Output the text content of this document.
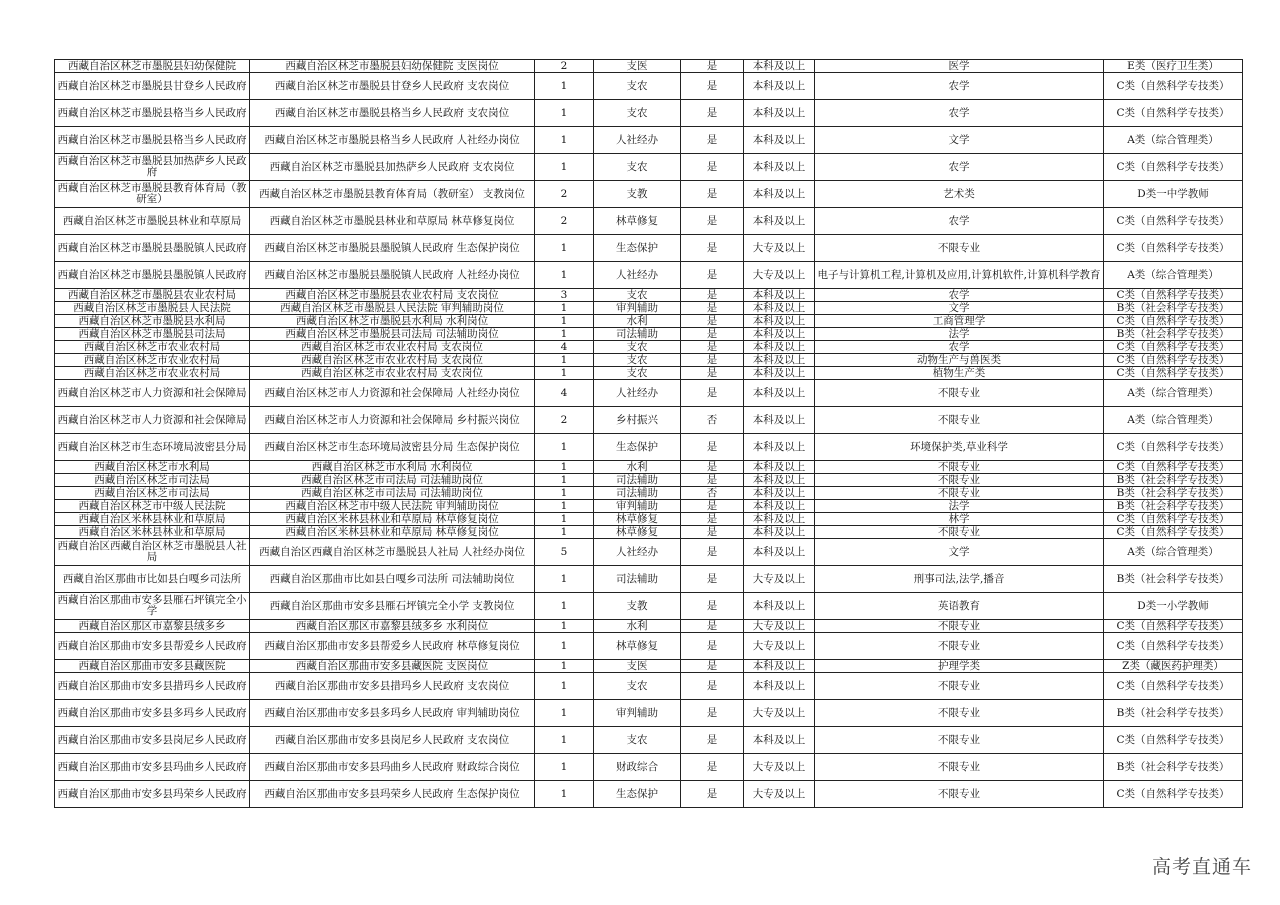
西藏自治区林芝市墨脱县妇幼保健院	西藏自治区林芝市墨脱县妇幼保健院 支医岗位	2	支医	是	本科及以上	医学	E类（医疗卫生类）
西藏自治区林芝市墨脱县甘登乡人民政府	西藏自治区林芝市墨脱县甘登乡人民政府 支农岗位	1	支农	是	本科及以上	农学	C类（自然科学专技类）
西藏自治区林芝市墨脱县格当乡人民政府	西藏自治区林芝市墨脱县格当乡人民政府 支农岗位	1	支农	是	本科及以上	农学	C类（自然科学专技类）
西藏自治区林芝市墨脱县格当乡人民政府	西藏自治区林芝市墨脱县格当乡人民政府 人社经办岗位	1	人社经办	是	本科及以上	文学	A类（综合管理类）
西藏自治区林芝市墨脱县加热萨乡人民政府	西藏自治区林芝市墨脱县加热萨乡人民政府 支农岗位	1	支农	是	本科及以上	农学	C类（自然科学专技类）
西藏自治区林芝市墨脱县教育体育局（教研室）	西藏自治区林芝市墨脱县教育体育局（教研室） 支教岗位	2	支教	是	本科及以上	艺术类	D类一中学教师
西藏自治区林芝市墨脱县林业和草原局	西藏自治区林芝市墨脱县林业和草原局 林草修复岗位	2	林草修复	是	本科及以上	农学	C类（自然科学专技类）
西藏自治区林芝市墨脱县墨脱镇人民政府	西藏自治区林芝市墨脱县墨脱镇人民政府 生态保护岗位	1	生态保护	是	大专及以上	不限专业	C类（自然科学专技类）
西藏自治区林芝市墨脱县墨脱镇人民政府	西藏自治区林芝市墨脱县墨脱镇人民政府 人社经办岗位	1	人社经办	是	大专及以上	电子与计算机工程,计算机及应用,计算机软件,计算机科学教育	A类（综合管理类）
西藏自治区林芝市墨脱县农业农村局	西藏自治区林芝市墨脱县农业农村局 支农岗位	3	支农	是	本科及以上	农学	C类（自然科学专技类）
西藏自治区林芝市墨脱县人民法院	西藏自治区林芝市墨脱县人民法院 审判辅助岗位	1	审判辅助	是	本科及以上	文学	B类（社会科学专技类）
西藏自治区林芝市墨脱县水利局	西藏自治区林芝市墨脱县水利局 水利岗位	1	水利	是	本科及以上	工商管理学	C类（自然科学专技类）
西藏自治区林芝市墨脱县司法局	西藏自治区林芝市墨脱县司法局 司法辅助岗位	1	司法辅助	是	本科及以上	法学	B类（社会科学专技类）
西藏自治区林芝市农业农村局	西藏自治区林芝市农业农村局 支农岗位	4	支农	是	本科及以上	农学	C类（自然科学专技类）
西藏自治区林芝市农业农村局	西藏自治区林芝市农业农村局 支农岗位	1	支农	是	本科及以上	动物生产与兽医类	C类（自然科学专技类）
西藏自治区林芝市农业农村局	西藏自治区林芝市农业农村局 支农岗位	1	支农	是	本科及以上	植物生产类	C类（自然科学专技类）
西藏自治区林芝市人力资源和社会保障局	西藏自治区林芝市人力资源和社会保障局 人社经办岗位	4	人社经办	是	本科及以上	不限专业	A类（综合管理类）
西藏自治区林芝市人力资源和社会保障局	西藏自治区林芝市人力资源和社会保障局 乡村振兴岗位	2	乡村振兴	否	本科及以上	不限专业	A类（综合管理类）
西藏自治区林芝市生态环境局波密县分局	西藏自治区林芝市生态环境局波密县分局 生态保护岗位	1	生态保护	是	本科及以上	环境保护类,草业科学	C类（自然科学专技类）
西藏自治区林芝市水利局	西藏自治区林芝市水利局 水利岗位	1	水利	是	本科及以上	不限专业	C类（自然科学专技类）
西藏自治区林芝市司法局	西藏自治区林芝市司法局 司法辅助岗位	1	司法辅助	是	本科及以上	不限专业	B类（社会科学专技类）
西藏自治区林芝市司法局	西藏自治区林芝市司法局 司法辅助岗位	1	司法辅助	否	本科及以上	不限专业	B类（社会科学专技类）
西藏自治区林芝市中级人民法院	西藏自治区林芝市中级人民法院 审判辅助岗位	1	审判辅助	是	本科及以上	法学	B类（社会科学专技类）
西藏自治区米林县林业和草原局	西藏自治区米林县林业和草原局 林草修复岗位	1	林草修复	是	本科及以上	林学	C类（自然科学专技类）
西藏自治区米林县林业和草原局	西藏自治区米林县林业和草原局 林草修复岗位	1	林草修复	是	本科及以上	不限专业	C类（自然科学专技类）
西藏自治区西藏自治区林芝市墨脱县人社局	西藏自治区西藏自治区林芝市墨脱县人社局 人社经办岗位	5	人社经办	是	本科及以上	文学	A类（综合管理类）
西藏自治区那曲市比如县白嘎乡司法所	西藏自治区那曲市比如县白嘎乡司法所 司法辅助岗位	1	司法辅助	是	大专及以上	刑事司法,法学,播音	B类（社会科学专技类）
西藏自治区那曲市安多县雁石坪镇完全小学	西藏自治区那曲市安多县雁石坪镇完全小学 支教岗位	1	支教	是	本科及以上	英语教育	D类一小学教师
西藏自治区那区市嘉黎县绒多乡	西藏自治区那区市嘉黎县绒多乡 水利岗位	1	水利	是	大专及以上	不限专业	C类（自然科学专技类）
西藏自治区那曲市安多县帮爱乡人民政府	西藏自治区那曲市安多县帮爱乡人民政府 林草修复岗位	1	林草修复	是	大专及以上	不限专业	C类（自然科学专技类）
西藏自治区那曲市安多县藏医院	西藏自治区那曲市安多县藏医院 支医岗位	1	支医	是	本科及以上	护理学类	Z类（藏医药护理类）
西藏自治区那曲市安多县措玛乡人民政府	西藏自治区那曲市安多县措玛乡人民政府 支农岗位	1	支农	是	本科及以上	不限专业	C类（自然科学专技类）
西藏自治区那曲市安多县多玛乡人民政府	西藏自治区那曲市安多县多玛乡人民政府 审判辅助岗位	1	审判辅助	是	大专及以上	不限专业	B类（社会科学专技类）
西藏自治区那曲市安多县岗尼乡人民政府	西藏自治区那曲市安多县岗尼乡人民政府 支农岗位	1	支农	是	本科及以上	不限专业	C类（自然科学专技类）
西藏自治区那曲市安多县玛曲乡人民政府	西藏自治区那曲市安多县玛曲乡人民政府 财政综合岗位	1	财政综合	是	大专及以上	不限专业	B类（社会科学专技类）
西藏自治区那曲市安多县玛荣乡人民政府	西藏自治区那曲市安多县玛荣乡人民政府 生态保护岗位	1	生态保护	是	大专及以上	不限专业	C类（自然科学专技类）
高考直通车
